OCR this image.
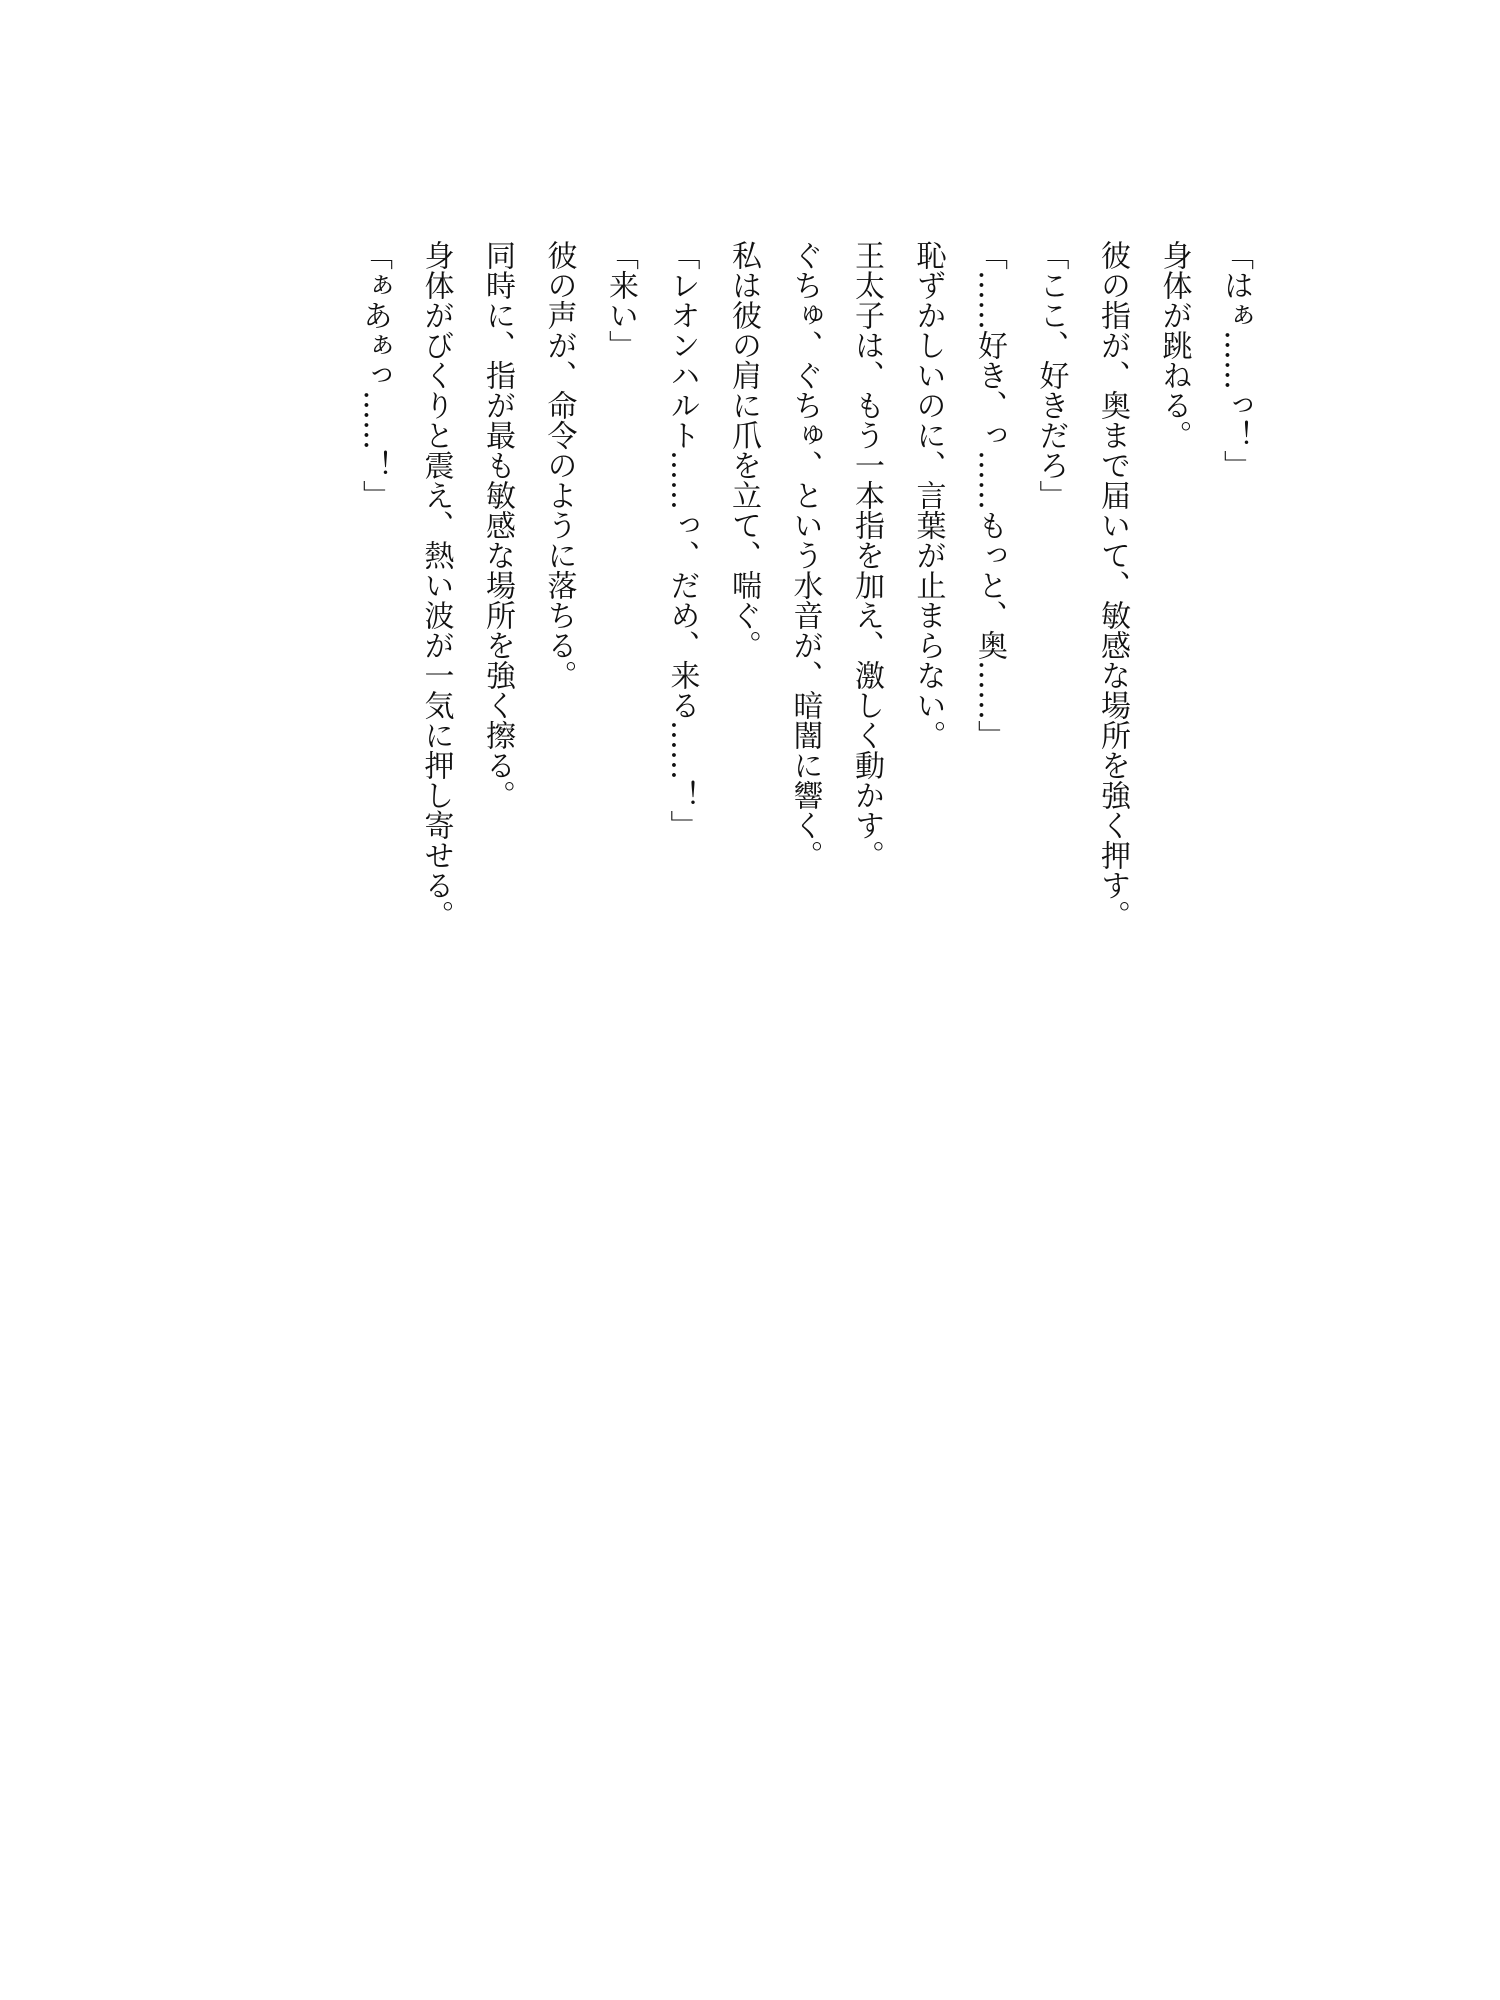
「はぁ……っ！」

身体が跳ねる。

彼の指が、奥まで届いて、敏感な場所を強く押す。

「ここ、好きだろ」

「……好き、っ……もっと、奥……」

恥ずかしいのに、言葉が止まらない。

王太子は、もう一本指を加え、激しく動かす。

ぐちゅ、ぐちゅ、という水音が、暗闇に響く。

私は彼の肩に爪を立て、喘ぐ。

「レオンハルト……っ、だめ、来る……！」

「来い」

彼の声が、命令のように落ちる。

同時に、指が最も敏感な場所を強く擦る。

身体がびくりと震え、熱い波が一気に押し寄せる。

「ぁあぁっ……！」
